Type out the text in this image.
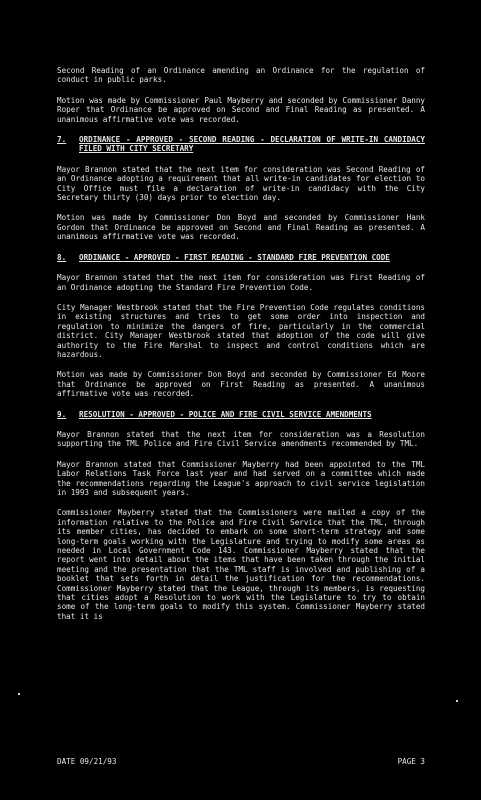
Second Reading of an Ordinance amending an Ordinance for the regulation of conduct in public parks.

Motion was made by Commissioner Paul Mayberry and seconded by Commissioner Danny Roper that Ordinance be approved on Second and Final Reading as presented. A unanimous affirmative vote was recorded.

7.	ORDINANCE - APPROVED - SECOND READING - DECLARATION OF WRITE-IN CANDIDACY FILED WITH CITY SECRETARY

Mayor Brannon stated that the next item for consideration was Second Reading of an Ordinance adopting a requirement that all write-in candidates for election to City Office must file a declaration of write-in candidacy with the City Secretary thirty (30) days prior to election day.

Motion was made by Commissioner Don Boyd and seconded by Commissioner Hank Gordon that Ordinance be approved on Second and Final Reading as presented. A unanimous affirmative vote was recorded.

8.	ORDINANCE - APPROVED - FIRST READING - STANDARD FIRE PREVENTION CODE

Mayor Brannon stated that the next item for consideration was First Reading of an Ordinance adopting the Standard Fire Prevention Code.

City Manager Westbrook stated that the Fire Prevention Code regulates conditions in existing structures and tries to get some order into inspection and regulation to minimize the dangers of fire, particularly in the commercial district. City Manager Westbrook stated that adoption of the code will give authority to the Fire Marshal to inspect and control conditions which are hazardous.

Motion was made by Commissioner Don Boyd and seconded by Commissioner Ed Moore that Ordinance be approved on First Reading as presented. A unanimous affirmative vote was recorded.

9.	RESOLUTION - APPROVED - POLICE AND FIRE CIVIL SERVICE AMENDMENTS

Mayor Brannon stated that the next item for consideration was a Resolution supporting the TML Police and Fire Civil Service amendments recommended by TML.

Mayor Brannon stated that Commissioner Mayberry had been appointed to the TML Labor Relations Task Force last year and had served on a committee which made the recommendations regarding the League's approach to civil service legislation in 1993 and subsequent years.

Commissioner Mayberry stated that the Commissioners were mailed a copy of the information relative to the Police and Fire Civil Service that the TML, through its member cities, has decided to embark on some short-term strategy and some long-term goals working with the Legislature and trying to modify some areas as needed in Local Government Code 143. Commissioner Mayberry stated that the report went into detail about the items that have been taken through the initial meeting and the presentation that the TML staff is involved and publishing of a booklet that sets forth in detail the justification for the recommendations. Commissioner Mayberry stated that the League, through its members, is requesting that cities adopt a Resolution to work with the Legislature to try to obtain some of the long-term goals to modify this system. Commissioner Mayberry stated that it is

DATE 09/21/93	PAGE 3
